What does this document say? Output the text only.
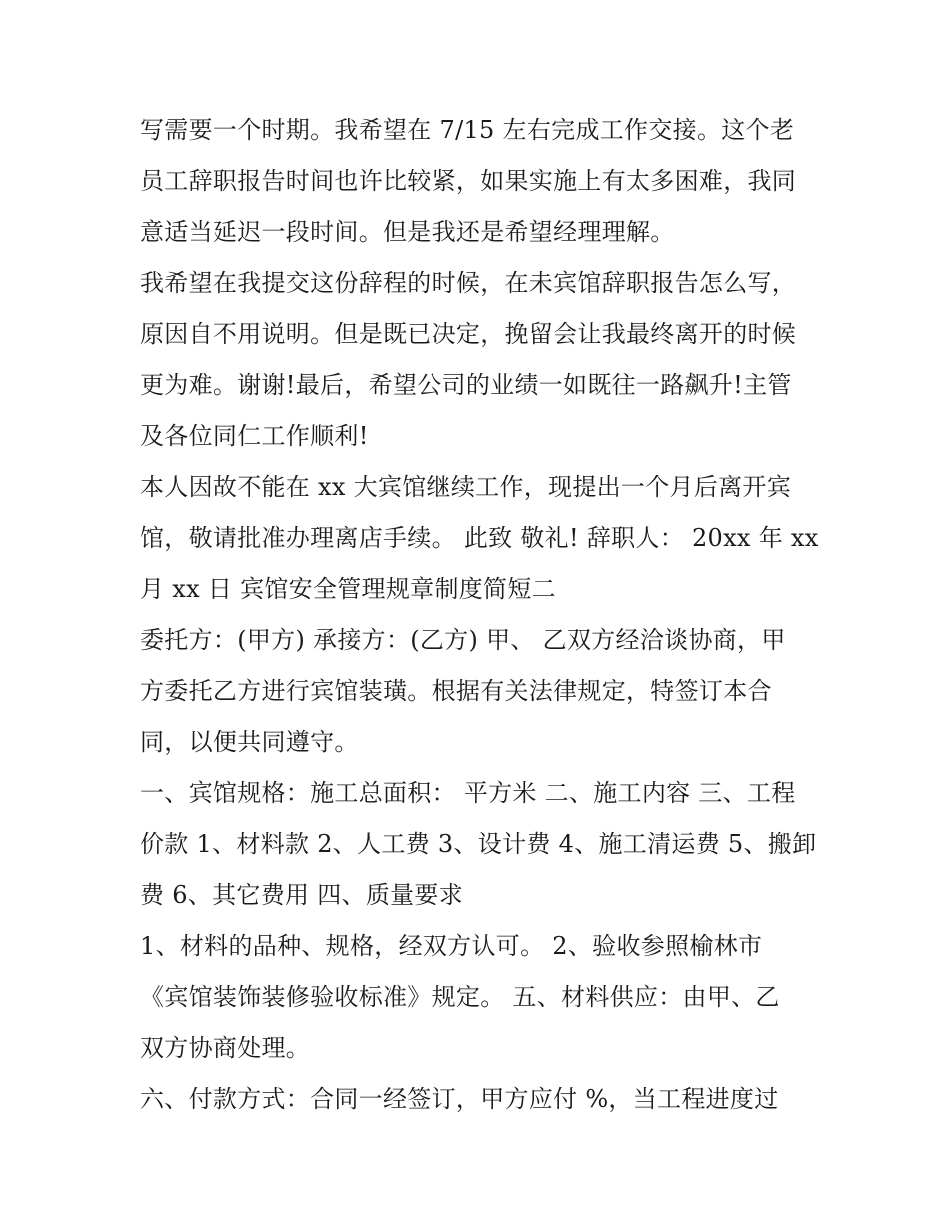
写需要一个时期。我希望在 7/15 左右完成工作交接。这个老
员工辞职报告时间也许比较紧，如果实施上有太多困难，我同
意适当延迟一段时间。但是我还是希望经理理解。
我希望在我提交这份辞程的时候，在未宾馆辞职报告怎么写，
原因自不用说明。但是既已决定，挽留会让我最终离开的时候
更为难。谢谢!最后，希望公司的业绩一如既往一路飙升!主管
及各位同仁工作顺利!
本人因故不能在 xx 大宾馆继续工作，现提出一个月后离开宾
馆，敬请批准办理离店手续。 此致 敬礼! 辞职人： 20xx 年 xx
月 xx 日 宾馆安全管理规章制度简短二
委托方：(甲方) 承接方：(乙方) 甲、 乙双方经洽谈协商，甲
方委托乙方进行宾馆装璜。根据有关法律规定，特签订本合
同，以便共同遵守。
一、宾馆规格：施工总面积： 平方米 二、施工内容 三、工程
价款 1、材料款 2、人工费 3、设计费 4、施工清运费 5、搬卸
费 6、其它费用 四、质量要求
1、材料的品种、规格，经双方认可。 2、验收参照榆林市
《宾馆装饰装修验收标准》规定。 五、材料供应：由甲、乙
双方协商处理。
六、付款方式：合同一经签订，甲方应付 %，当工程进度过
